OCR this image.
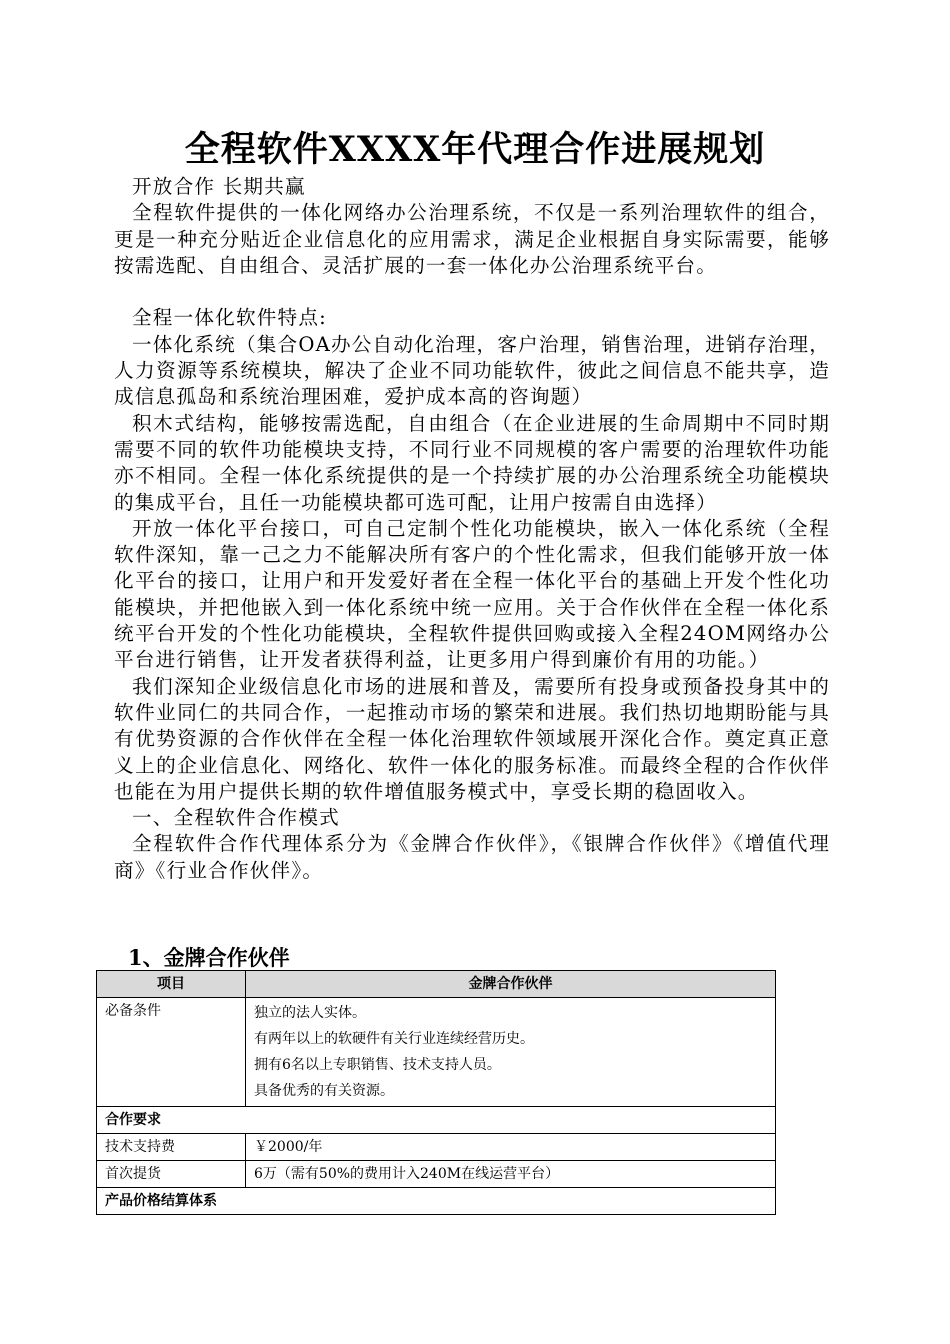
全程软件XXXX年代理合作进展规划

开放合作 长期共赢

全程软件提供的一体化网络办公治理系统，不仅是一系列治理软件的组合，更是一种充分贴近企业信息化的应用需求，满足企业根据自身实际需要，能够按需选配、自由组合、灵活扩展的一套一体化办公治理系统平台。

全程一体化软件特点:

一体化系统（集合OA办公自动化治理，客户治理，销售治理，进销存治理，人力资源等系统模块，解决了企业不同功能软件，彼此之间信息不能共享，造成信息孤岛和系统治理困难，爱护成本高的咨询题）

积木式结构，能够按需选配，自由组合（在企业进展的生命周期中不同时期需要不同的软件功能模块支持，不同行业不同规模的客户需要的治理软件功能亦不相同。全程一体化系统提供的是一个持续扩展的办公治理系统全功能模块的集成平台，且任一功能模块都可选可配，让用户按需自由选择）

开放一体化平台接口，可自己定制个性化功能模块，嵌入一体化系统（全程软件深知，靠一己之力不能解决所有客户的个性化需求，但我们能够开放一体化平台的接口，让用户和开发爱好者在全程一体化平台的基础上开发个性化功能模块，并把他嵌入到一体化系统中统一应用。关于合作伙伴在全程一体化系统平台开发的个性化功能模块，全程软件提供回购或接入全程24OM网络办公平台进行销售，让开发者获得利益，让更多用户得到廉价有用的功能。）

我们深知企业级信息化市场的进展和普及，需要所有投身或预备投身其中的软件业同仁的共同合作，一起推动市场的繁荣和进展。我们热切地期盼能与具有优势资源的合作伙伴在全程一体化治理软件领域展开深化合作。奠定真正意义上的企业信息化、网络化、软件一体化的服务标准。而最终全程的合作伙伴也能在为用户提供长期的软件增值服务模式中，享受长期的稳固收入。

一、全程软件合作模式

全程软件合作代理体系分为《金牌合作伙伴》，《银牌合作伙伴》《增值代理商》《行业合作伙伴》。

1、金牌合作伙伴
项目	金牌合作伙伴
必备条件	独立的法人实体。
有两年以上的软硬件有关行业连续经营历史。
拥有6名以上专职销售、技术支持人员。
具备优秀的有关资源。

合作要求	
技术支持费	￥2000/年
首次提货	6万（需有50%的费用计入240M在线运营平台）
产品价格结算体系	
